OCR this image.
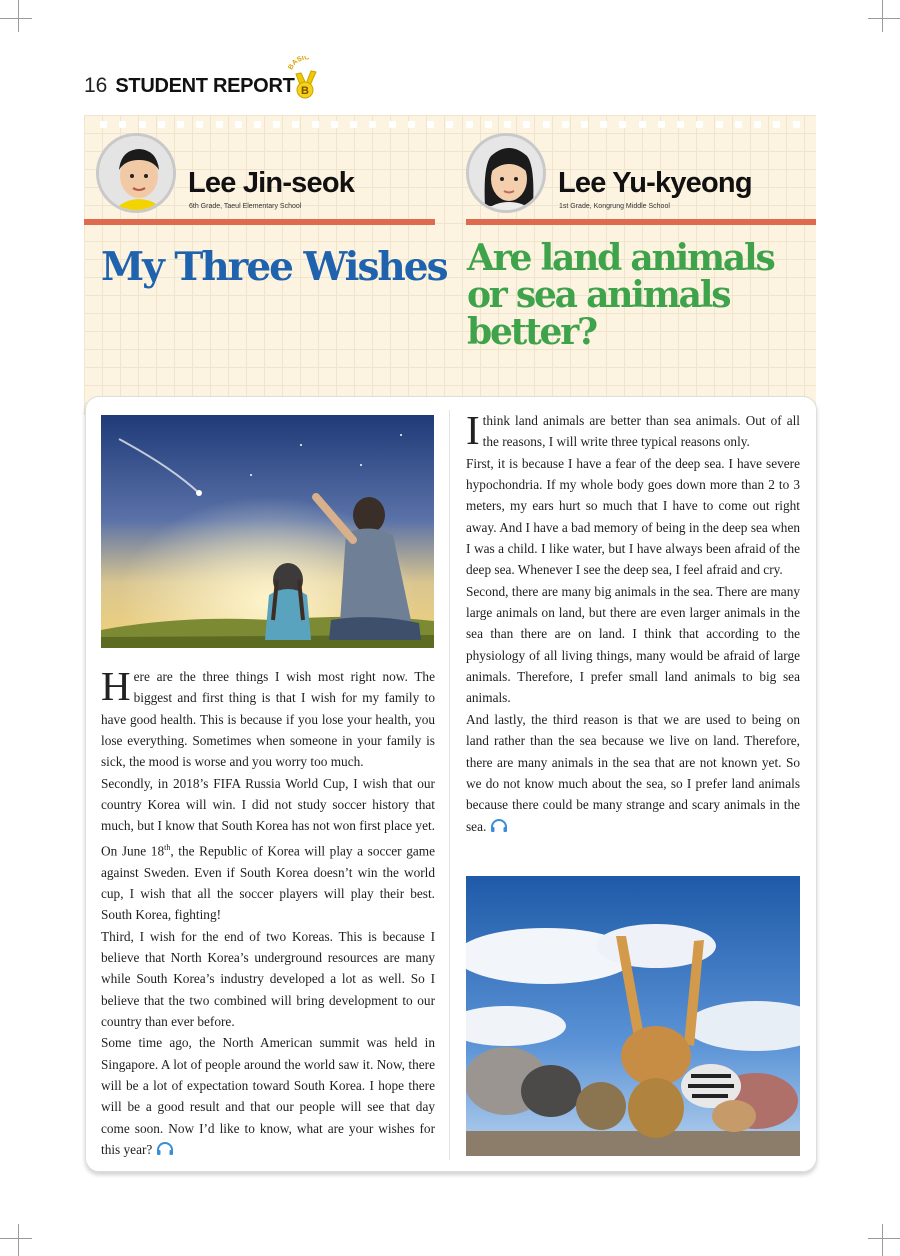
16 STUDENT REPORT
BASIC
B
Lee Jin-seok
6th Grade, Taeul Elementary School
Lee Yu-kyeong
1st Grade, Kongrung Middle School
My Three Wishes Are land animals or sea animals better?

Here are the three things I wish most right now. The biggest and first thing is that I wish for my family to have good health. This is because if you lose your health, you lose everything. Sometimes when someone in your family is sick, the mood is worse and you worry too much.

Secondly, in 2018’s FIFA Russia World Cup, I wish that our country Korea will win. I did not study soccer history that much, but I know that South Korea has not won first place yet. On June 18th, the Republic of Korea will play a soccer game against Sweden. Even if South Korea doesn’t win the world cup, I wish that all the soccer players will play their best. South Korea, fighting!

Third, I wish for the end of two Koreas. This is because I believe that North Korea’s underground resources are many while South Korea’s industry developed a lot as well. So I believe that the two combined will bring development to our country than ever before.

Some time ago, the North American summit was held in Singapore. A lot of people around the world saw it. Now, there will be a lot of expectation toward South Korea. I hope there will be a good result and that our people will see that day come soon. Now I’d like to know, what are your wishes for this year?

Ithink land animals are better than sea animals. Out of all the reasons, I will write three typical reasons only.

First, it is because I have a fear of the deep sea. I have severe hypochondria. If my whole body goes down more than 2 to 3 meters, my ears hurt so much that I have to come out right away. And I have a bad memory of being in the deep sea when I was a child. I like water, but I have always been afraid of the deep sea. Whenever I see the deep sea, I feel afraid and cry.

Second, there are many big animals in the sea. There are many large animals on land, but there are even larger animals in the sea than there are on land. I think that according to the physiology of all living things, many would be afraid of large animals. Therefore, I prefer small land animals to big sea animals.

And lastly, the third reason is that we are used to being on land rather than the sea because we live on land. Therefore, there are many animals in the sea that are not known yet. So we do not know much about the sea, so I prefer land animals because there could be many strange and scary animals in the sea.
